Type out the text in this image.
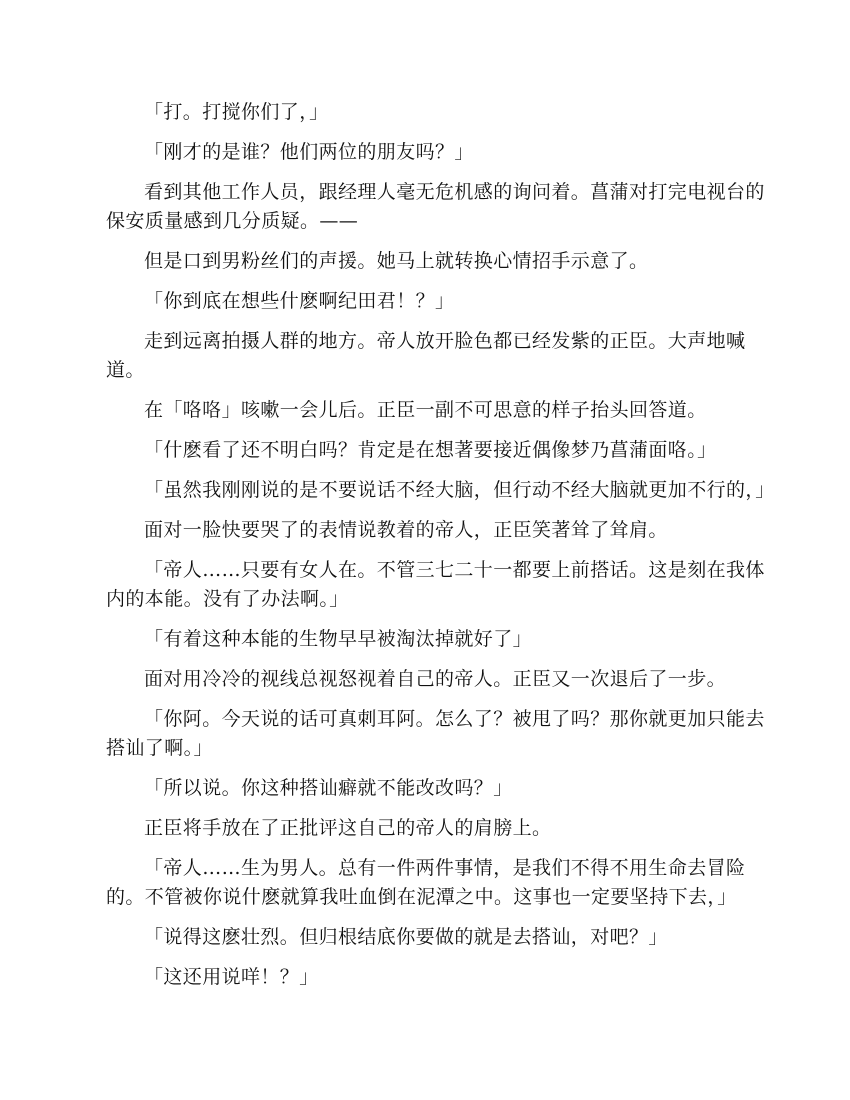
「打。打搅你们了，」

「刚才的是谁？他们两位的朋友吗？」

看到其他工作人员，跟经理人毫无危机感的询问着。菖蒲对打完电视台的保安质量感到几分质疑。——

但是口到男粉丝们的声援。她马上就转换心情招手示意了。

「你到底在想些什麽啊纪田君！？」

走到远离拍摄人群的地方。帝人放开脸色都已经发紫的正臣。大声地喊道。

在「咯咯」咳嗽一会儿后。正臣一副不可思意的样子抬头回答道。

「什麽看了还不明白吗？肯定是在想著要接近偶像梦乃菖蒲面咯。」

「虽然我刚刚说的是不要说话不经大脑，但行动不经大脑就更加不行的，」

面对一脸快要哭了的表情说教着的帝人，正臣笑著耸了耸肩。

「帝人……只要有女人在。不管三七二十一都要上前搭话。这是刻在我体内的本能。没有了办法啊。」

「有着这种本能的生物早早被淘汰掉就好了」

面对用冷冷的视线总视怒视着自己的帝人。正臣又一次退后了一步。

「你阿。今天说的话可真刺耳阿。怎么了？被甩了吗？那你就更加只能去搭讪了啊。」

「所以说。你这种搭讪癖就不能改改吗？」

正臣将手放在了正批评这自己的帝人的肩膀上。

「帝人……生为男人。总有一件两件事情，是我们不得不用生命去冒险的。不管被你说什麽就算我吐血倒在泥潭之中。这事也一定要坚持下去，」

「说得这麽壮烈。但归根结底你要做的就是去搭讪，对吧？」

「这还用说咩！？」
